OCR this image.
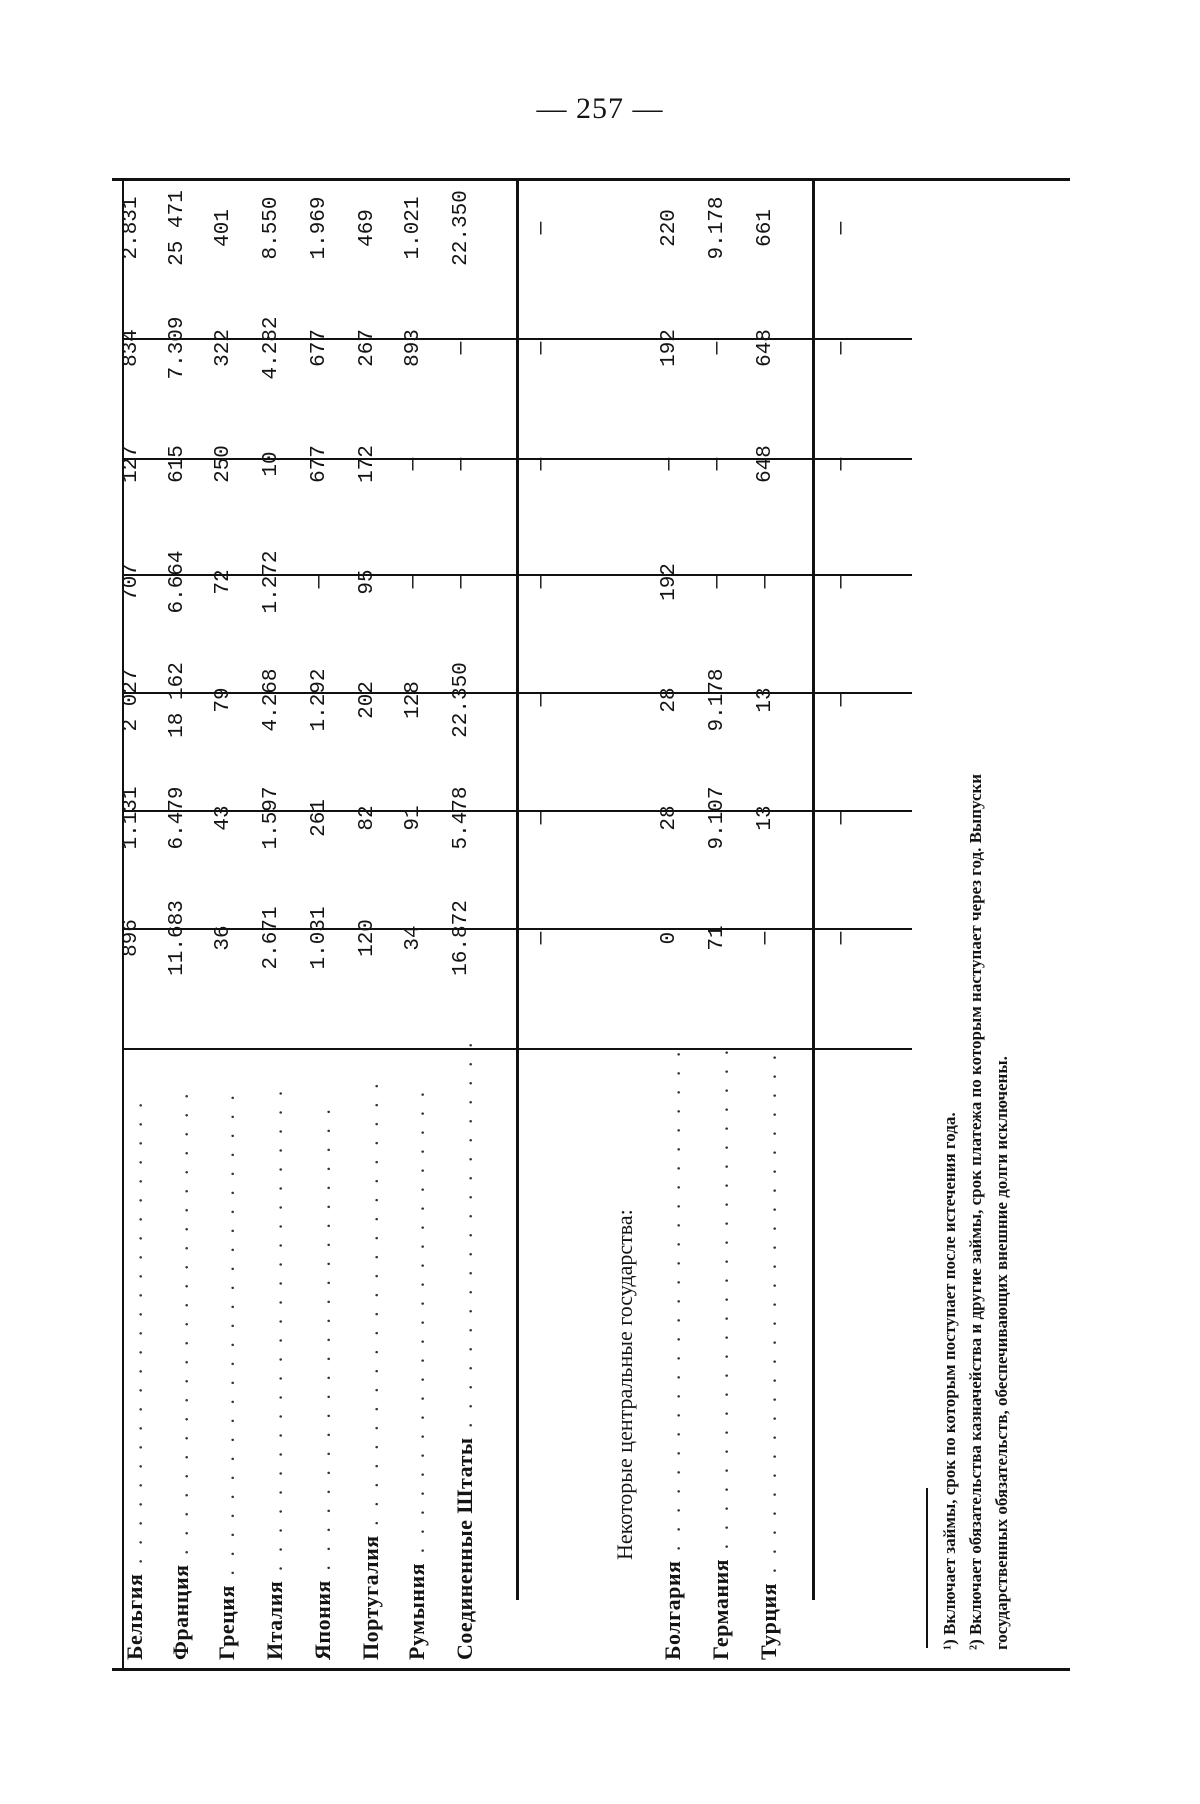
— 257 —
Бельгия . . . . . . . . . . . . . . . . . . . . . . . . .
Франция . . . . . . . . . . . . . . . . . . . . . . . . .
Греция . . . . . . . . . . . . . . . . . . . . . . . . . .
Италия . . . . . . . . . . . . . . . . . . . . . . . . . .
Япония . . . . . . . . . . . . . . . . . . . . . . . . .
Португалия . . . . . . . . . . . . . . . . . . . . . . . .
Румыния . . . . . . . . . . . . . . . . . . . . . . . . . Соединенные Штаты . . . . . . . . . . . . . . . . . . . . .	Некоторые центральные государства:
Болгария . . . . . . . . . . . . . . . . . . . . . . . . . . .
Германия . . . . . . . . . . . . . . . . . . . . . . . . . . .
Турция . . . . . . . . . . . . . . . . . . . . . . . . . . . .
896
1.131
2 027
707
127
834
2.831
11.683
6.479
18 162
6.664
615
7.309
25 471
36
43
79
72
250
322
401
2.671
1.597
4.268
1.272
10
4.282
8.550
1.031
261
1.292
—
677
677
1.969
120
82
202
95
172
267
469
34
91
128
—
—
893
1.021
16.872
5.478
22.350
—
—
—
22.350
—
—
—
—
—
—
—
0
28
28
192
—
192
220
71
9.107
9.178
—
—
—
9.178
—
13
13
—
648
648
661
—
—
—
—
—
—
—
¹) Включает займы, срок по которым поступает после истечения года. ²) Включает обязательства казначейства и другие займы, срок платежа по которым наступает через год. Выпуски государственных обязательств, обеспечивающих внешние долги исключены.
